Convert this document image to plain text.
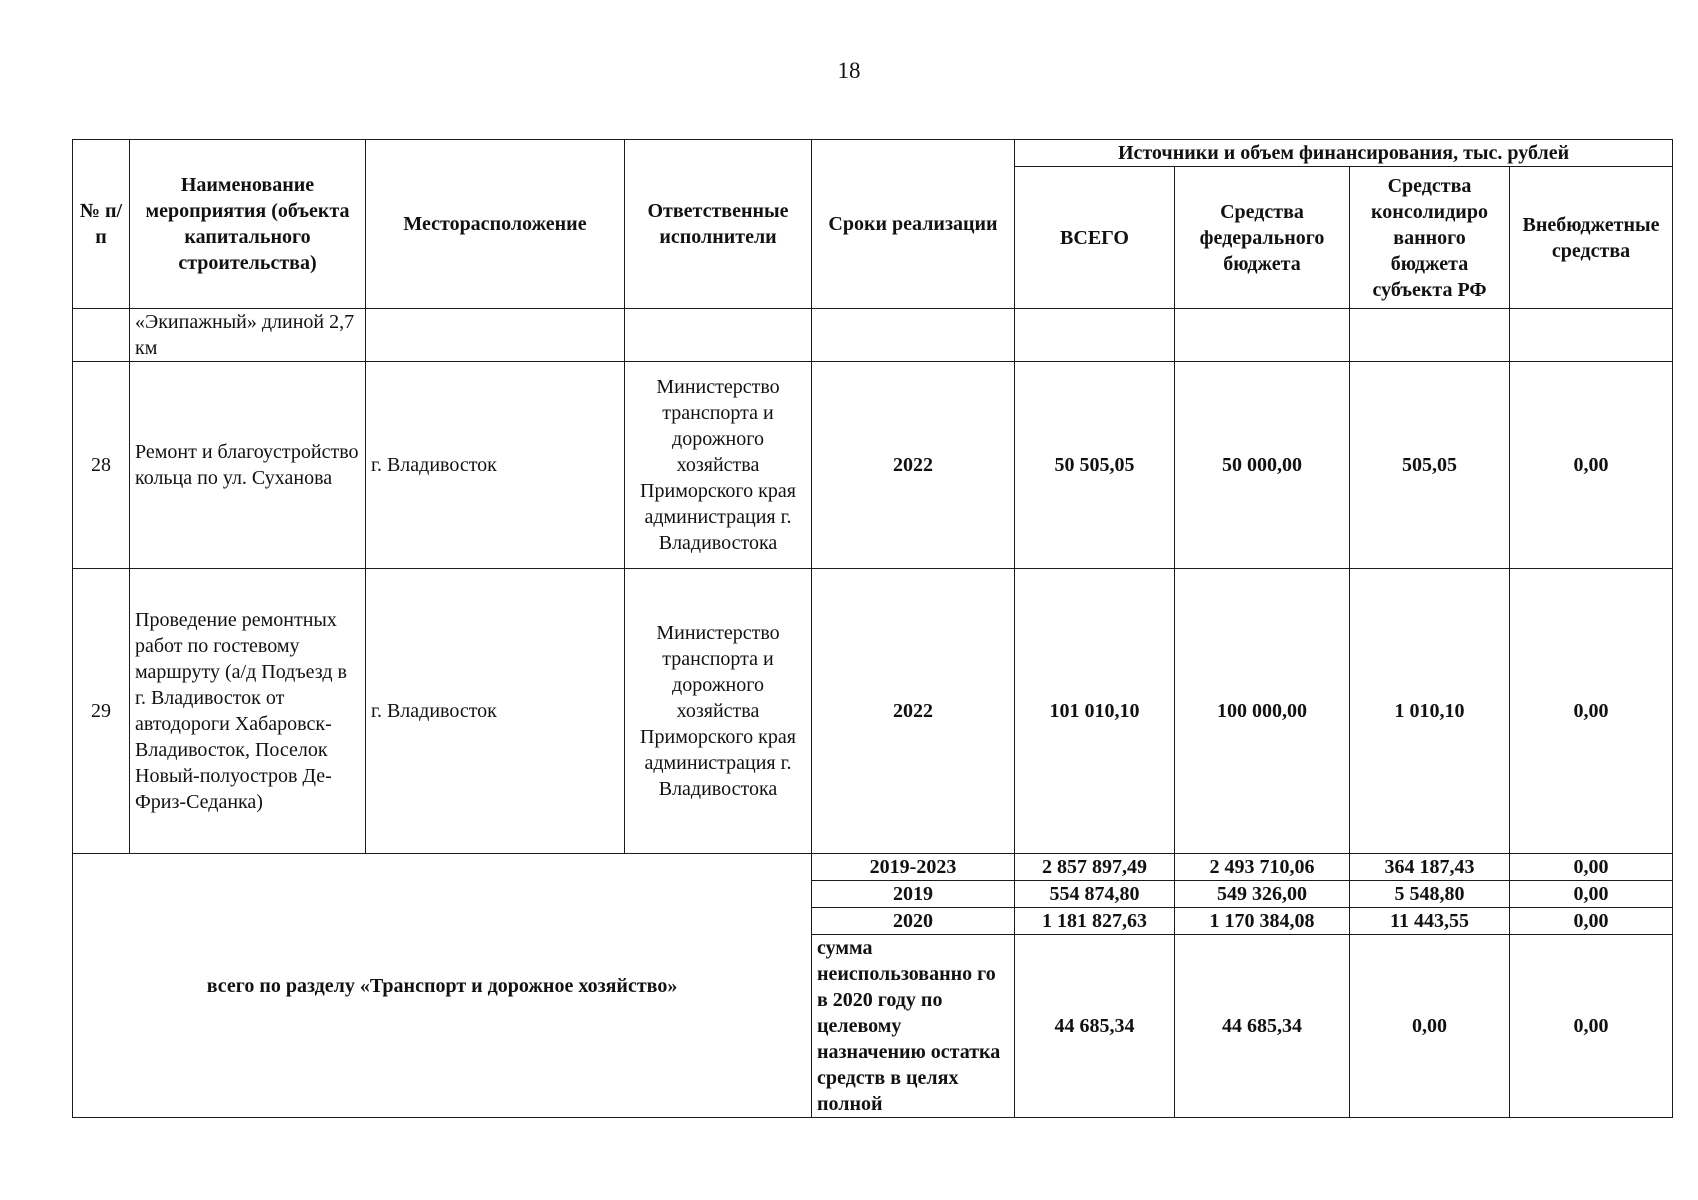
18
№ п/п	Наименование мероприятия (объекта капитального строительства)	Месторасположение	Ответственные исполнители	Сроки реализации	Источники и объем финансирования, тыс. рублей			
					ВСЕГО	Средства федерального бюджета	Средства консолидиро ванного бюджета субъекта РФ	Внебюджетные средства
	«Экипажный» длиной 2,7 км							
28	Ремонт и благоустройство кольца по ул. Суханова	г. Владивосток	Министерство транспорта и дорожного хозяйства Приморского края администрация г. Владивостока	2022	50 505,05	50 000,00	505,05	0,00
29	Проведение ремонтных работ по гостевому маршруту (а/д Подъезд в г. Владивосток от автодороги Хабаровск-Владивосток, Поселок Новый-полуостров Де-Фриз-Седанка)	г. Владивосток	Министерство транспорта и дорожного хозяйства Приморского края администрация г. Владивостока	2022	101 010,10	100 000,00	1 010,10	0,00
всего по разделу «Транспорт и дорожное хозяйство»				2019-2023	2 857 897,49	2 493 710,06	364 187,43	0,00
				2019	554 874,80	549 326,00	5 548,80	0,00
				2020	1 181 827,63	1 170 384,08	11 443,55	0,00
				сумма неиспользованно го в 2020 году по целевому назначению остатка средств в целях полной	44 685,34	44 685,34	0,00	0,00
